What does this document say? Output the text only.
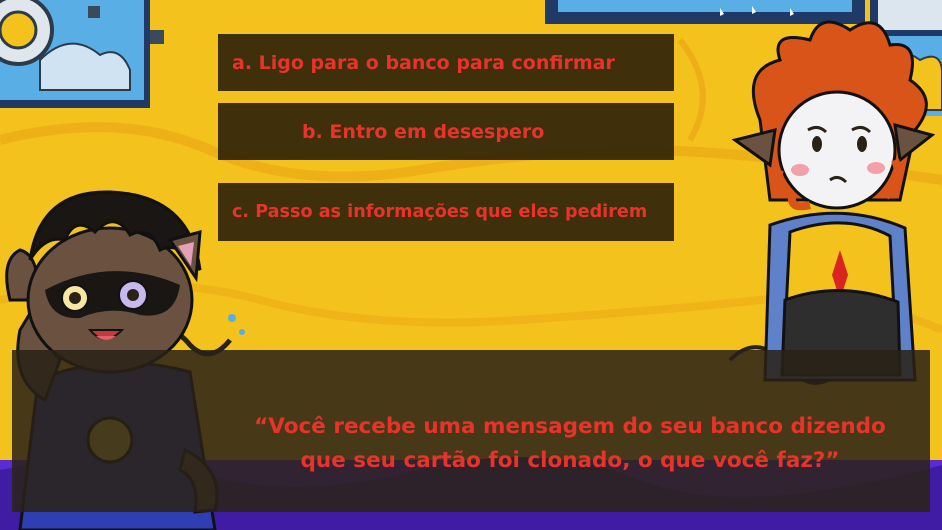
a. Ligo para o banco para confirmar
b. Entro em desespero
c. Passo as informações que eles pedirem
“Você recebe uma mensagem do seu banco dizendo
que seu cartão foi clonado, o que você faz?”
